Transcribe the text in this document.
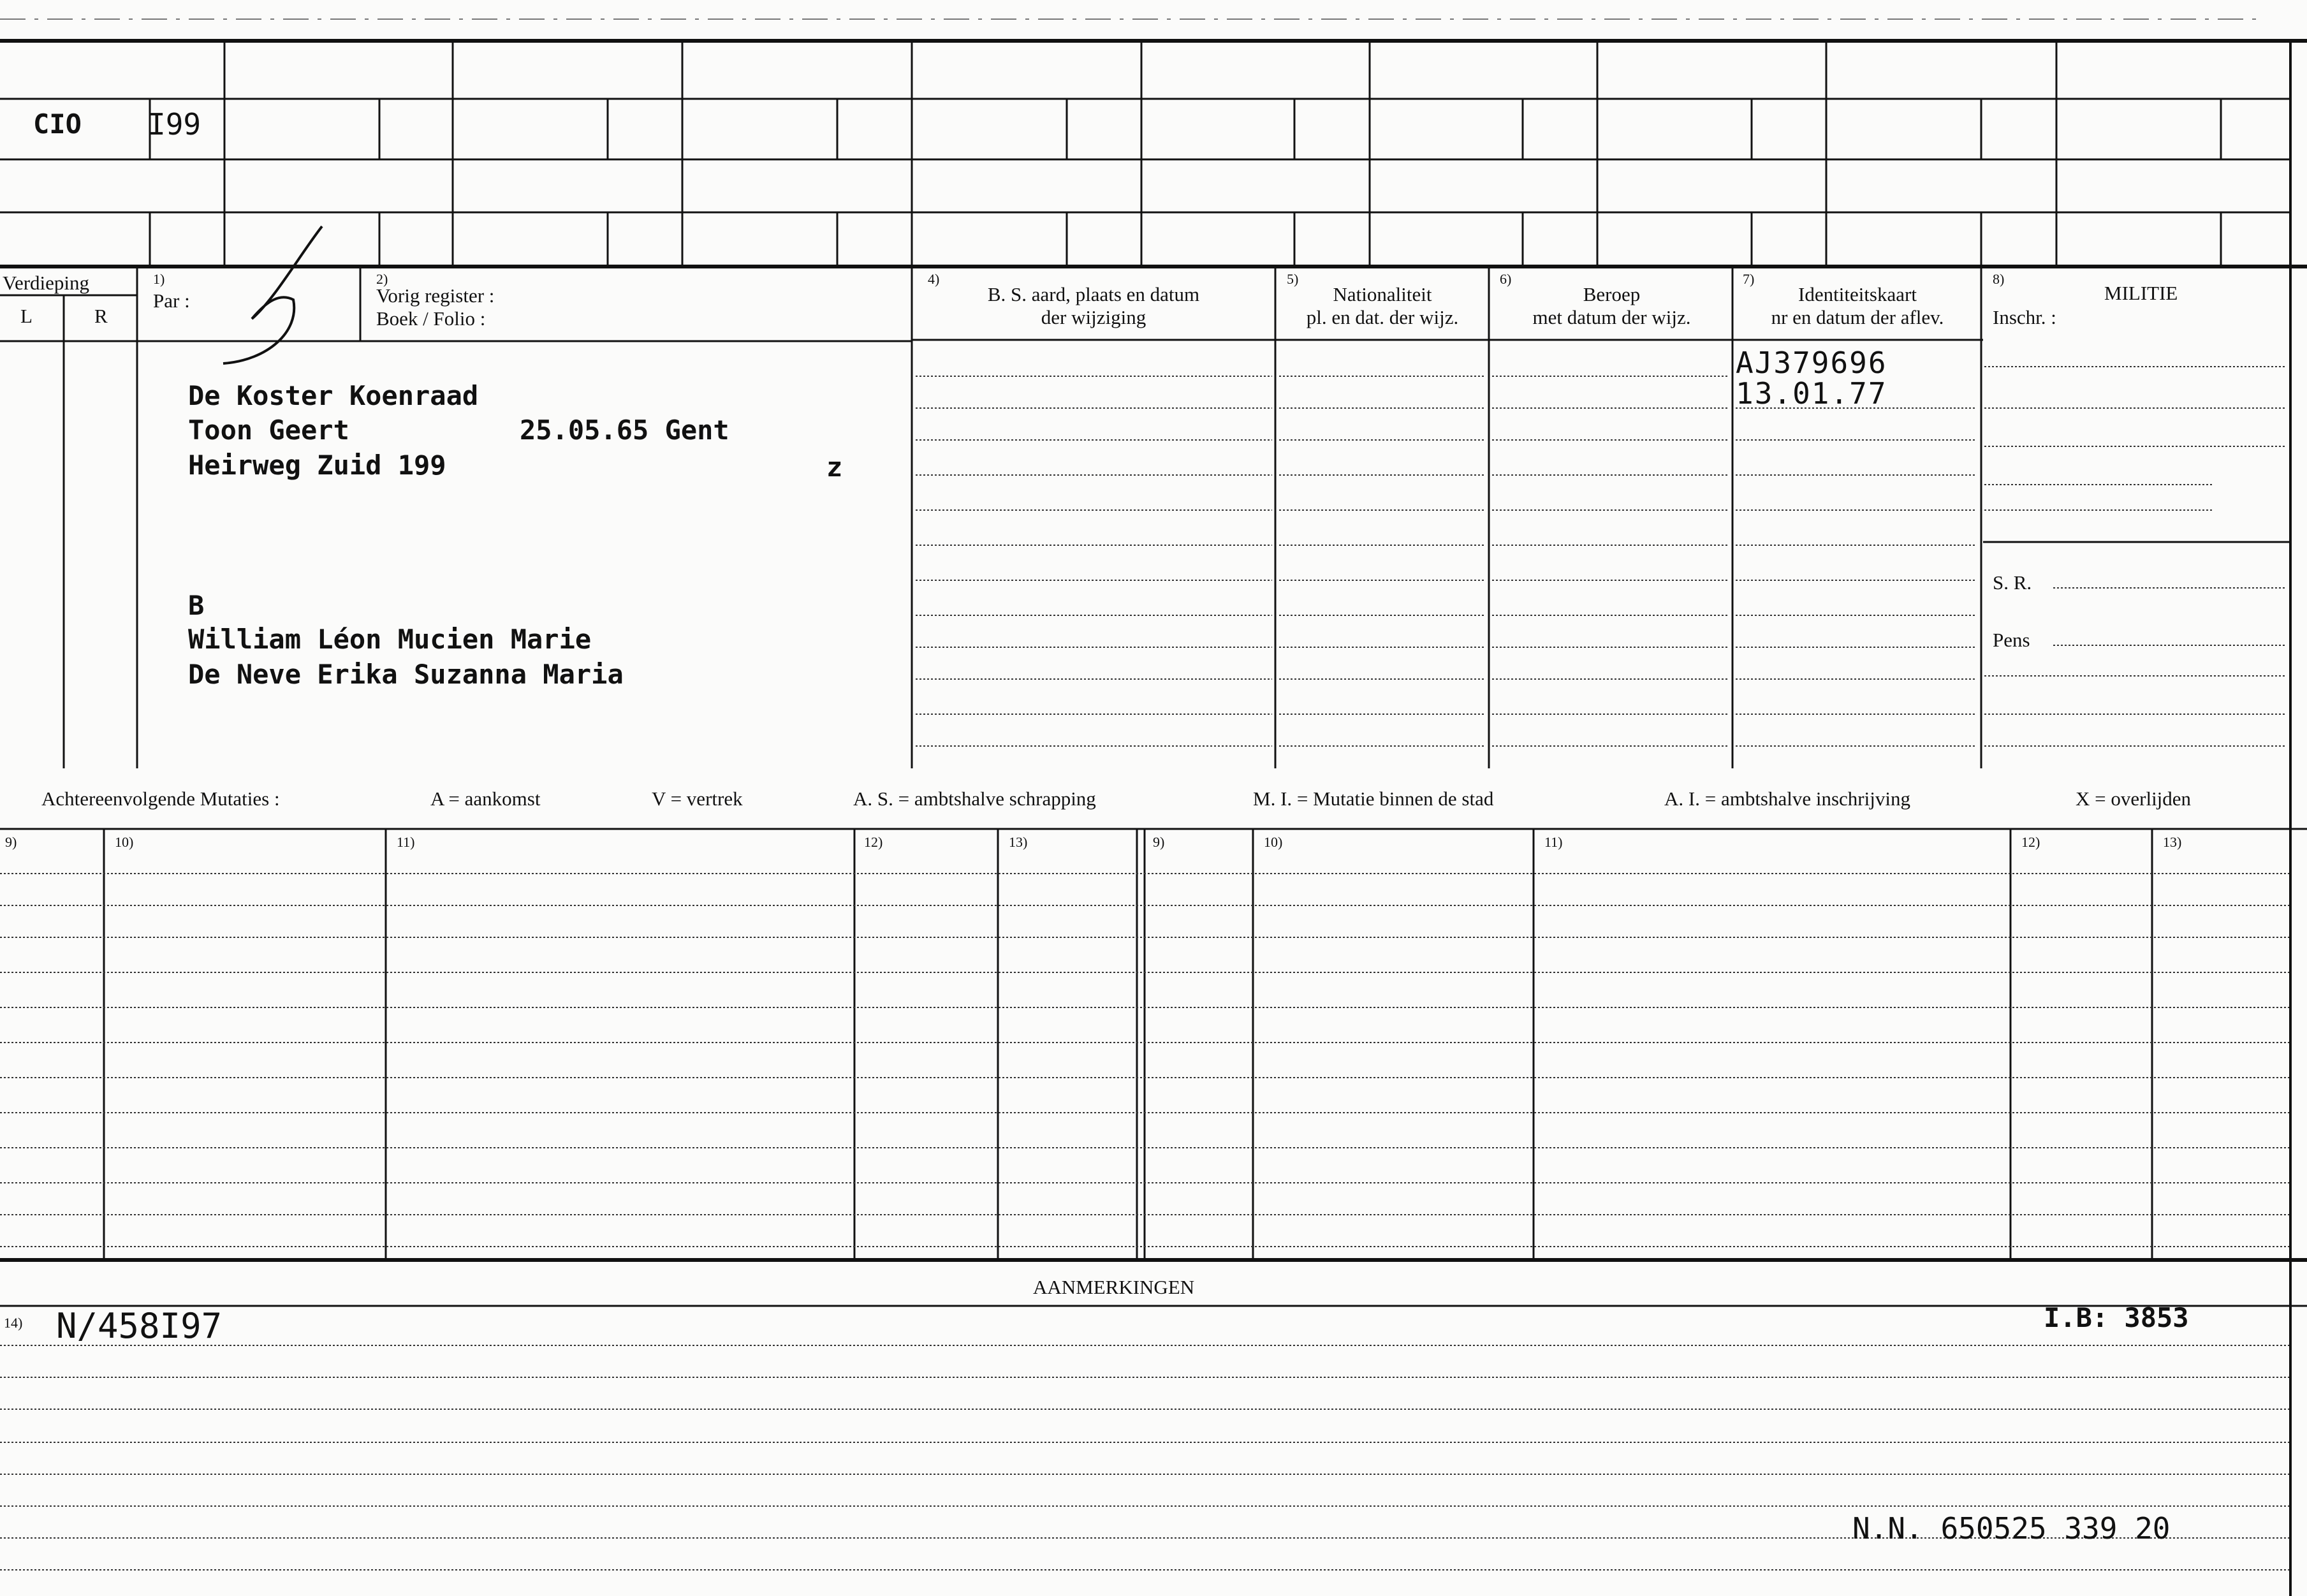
CIO I99
Verdieping
L	R
1)
Par :
2)
Vorig register :
Boek / Folio :
4)
B. S. aard, plaats en datum
der wijziging
5)
Nationaliteit
pl. en dat. der wijz.
6)
Beroep
met datum der wijz.
7)
Identiteitskaart
nr en datum der aflev.
8)
MILITIE
Inschr. :
S. R.
Pens
De Koster Koenraad
Toon Geert	25.05.65 Gent
Heirweg Zuid 199	z
B
William Léon Mucien Marie
De Neve Erika Suzanna Maria
AJ379696
13.01.77
Achtereenvolgende Mutaties :	A = aankomst	V = vertrek	A. S. = ambtshalve schrapping	M. I. = Mutatie binnen de stad	A. I. = ambtshalve inschrijving	X = overlijden
9)	10)	11)	12)	13)	9)	10)	11)	12)	13)
AANMERKINGEN
14) N/458I97	I.B: 3853
N.N. 650525 339 20
